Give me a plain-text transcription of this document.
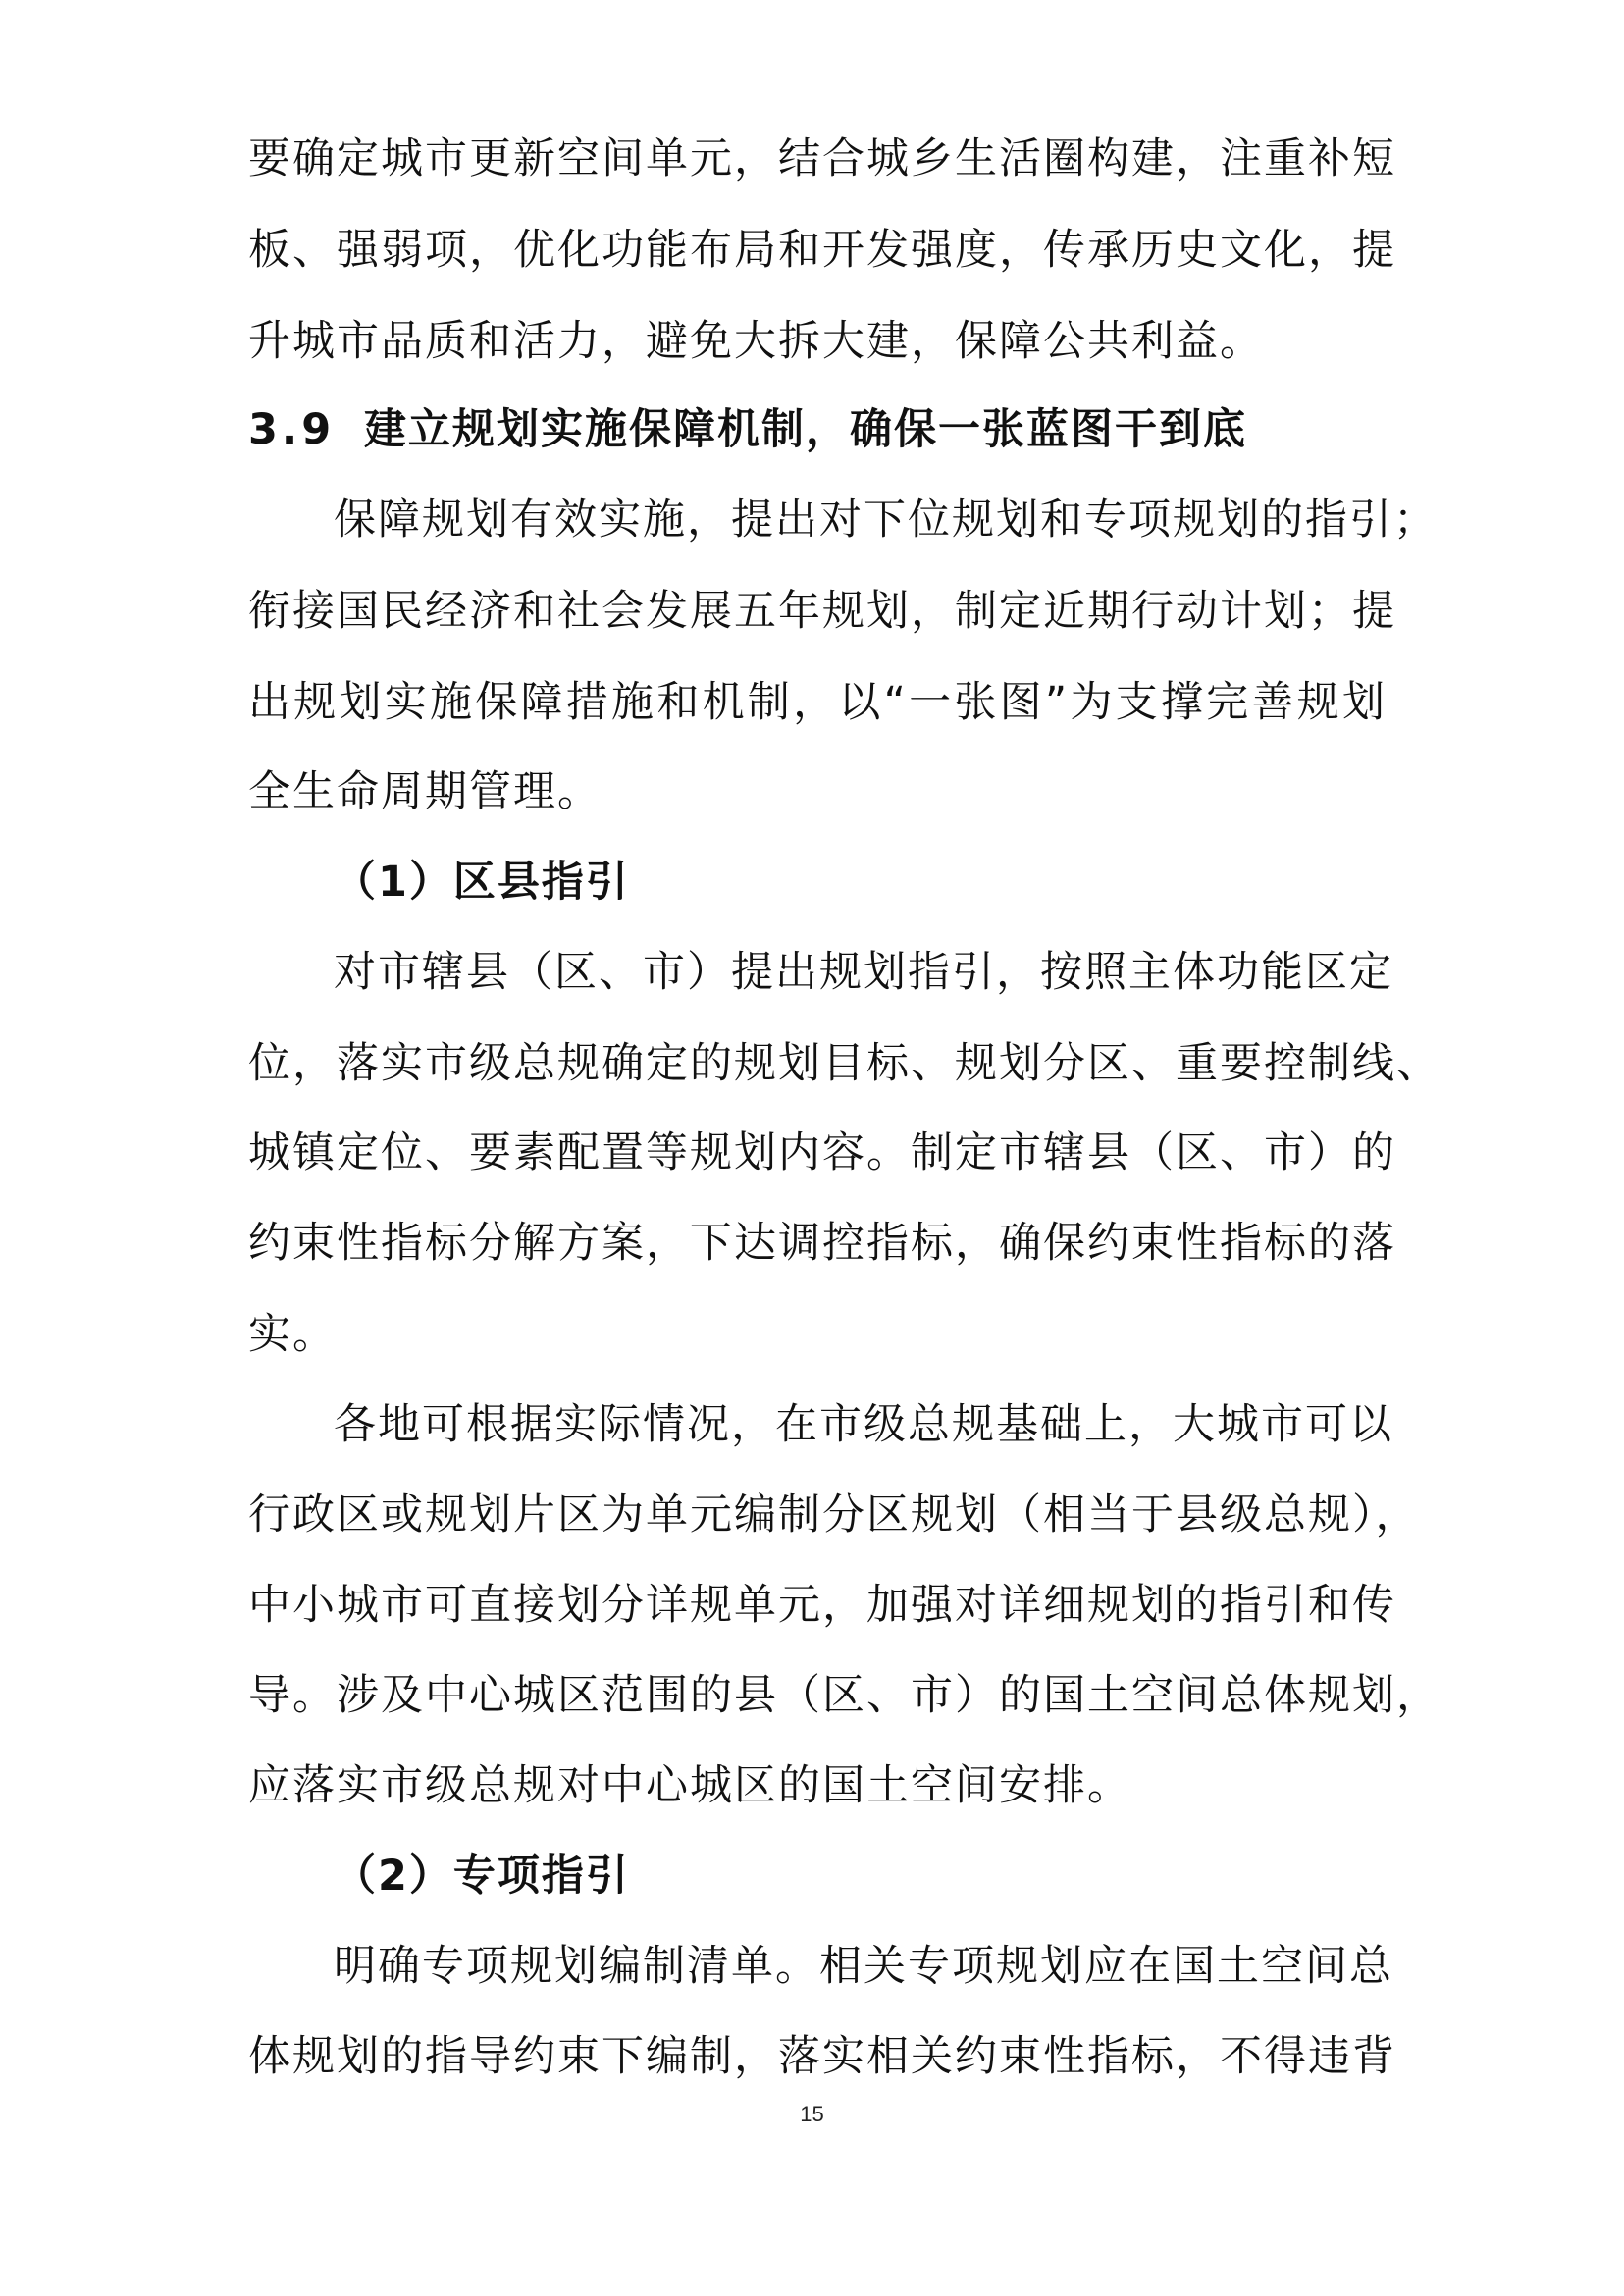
要确定城市更新空间单元，结合城乡生活圈构建，注重补短
板、强弱项，优化功能布局和开发强度，传承历史文化，提
升城市品质和活力，避免大拆大建，保障公共利益。
3.9 建立规划实施保障机制，确保一张蓝图干到底
保障规划有效实施，提出对下位规划和专项规划的指引；
衔接国民经济和社会发展五年规划，制定近期行动计划；提
出规划实施保障措施和机制，以“一张图”为支撑完善规划
全生命周期管理。
（1）区县指引
对市辖县（区、市）提出规划指引，按照主体功能区定
位，落实市级总规确定的规划目标、规划分区、重要控制线、
城镇定位、要素配置等规划内容。制定市辖县（区、市）的
约束性指标分解方案，下达调控指标，确保约束性指标的落
实。
各地可根据实际情况，在市级总规基础上，大城市可以
行政区或规划片区为单元编制分区规划（相当于县级总规），
中小城市可直接划分详规单元，加强对详细规划的指引和传
导。涉及中心城区范围的县（区、市）的国土空间总体规划，
应落实市级总规对中心城区的国土空间安排。
（2）专项指引
明确专项规划编制清单。相关专项规划应在国土空间总
体规划的指导约束下编制，落实相关约束性指标，不得违背
15
